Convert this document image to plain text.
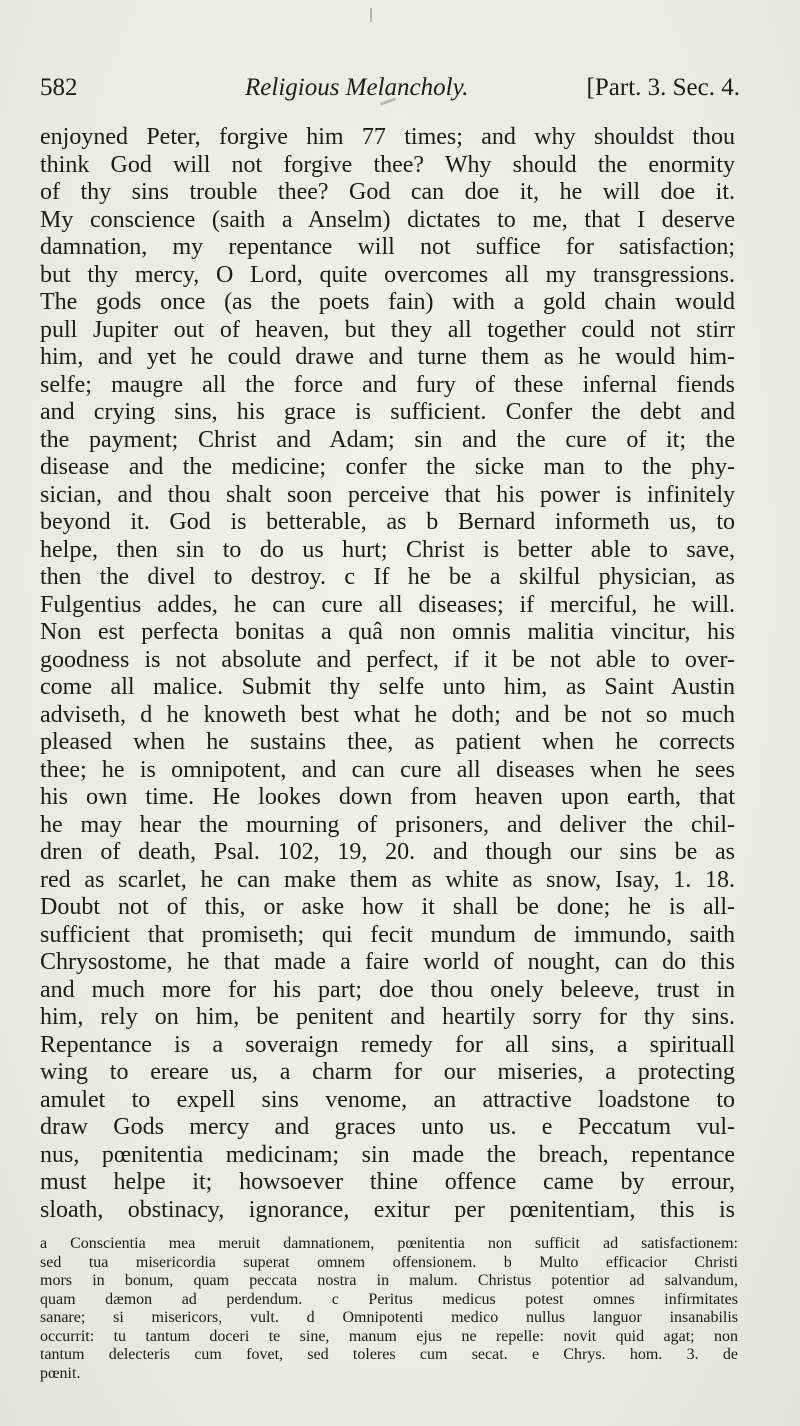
582	Religious Melancholy.	[Part. 3. Sec. 4.
enjoyned Peter, forgive him 77 times; and why shouldst thou
think God will not forgive thee? Why should the enormity
of thy sins trouble thee? God can doe it, he will doe it.
My conscience (saith a Anselm) dictates to me, that I deserve
damnation, my repentance will not suffice for satisfaction;
but thy mercy, O Lord, quite overcomes all my transgressions.
The gods once (as the poets fain) with a gold chain would
pull Jupiter out of heaven, but they all together could not stirr
him, and yet he could drawe and turne them as he would him-
selfe; maugre all the force and fury of these infernal fiends
and crying sins, his grace is sufficient. Confer the debt and
the payment; Christ and Adam; sin and the cure of it; the
disease and the medicine; confer the sicke man to the phy-
sician, and thou shalt soon perceive that his power is infinitely
beyond it. God is betterable, as b Bernard informeth us, to
helpe, then sin to do us hurt; Christ is better able to save,
then the divel to destroy. c If he be a skilful physician, as
Fulgentius addes, he can cure all diseases; if merciful, he will.
Non est perfecta bonitas a quâ non omnis malitia vincitur, his
goodness is not absolute and perfect, if it be not able to over-
come all malice. Submit thy selfe unto him, as Saint Austin
adviseth, d he knoweth best what he doth; and be not so much
pleased when he sustains thee, as patient when he corrects
thee; he is omnipotent, and can cure all diseases when he sees
his own time. He lookes down from heaven upon earth, that
he may hear the mourning of prisoners, and deliver the chil-
dren of death, Psal. 102, 19, 20. and though our sins be as
red as scarlet, he can make them as white as snow, Isay, 1. 18.
Doubt not of this, or aske how it shall be done; he is all-
sufficient that promiseth; qui fecit mundum de immundo, saith
Chrysostome, he that made a faire world of nought, can do this
and much more for his part; doe thou onely beleeve, trust in
him, rely on him, be penitent and heartily sorry for thy sins.
Repentance is a soveraign remedy for all sins, a spirituall
wing to ereare us, a charm for our miseries, a protecting
amulet to expell sins venome, an attractive loadstone to
draw Gods mercy and graces unto us. e Peccatum vul-
nus, pœnitentia medicinam; sin made the breach, repentance
must helpe it; howsoever thine offence came by errour,
sloath, obstinacy, ignorance, exitur per pœnitentiam, this is
a Conscientia mea meruit damnationem, pœnitentia non sufficit ad satisfactionem:
sed tua misericordia superat omnem offensionem. b Multo efficacior Christi
mors in bonum, quam peccata nostra in malum. Christus potentior ad salvandum,
quam dæmon ad perdendum. c Peritus medicus potest omnes infirmitates
sanare; si misericors, vult. d Omnipotenti medico nullus languor insanabilis
occurrit: tu tantum doceri te sine, manum ejus ne repelle: novit quid agat; non
tantum delecteris cum fovet, sed toleres cum secat. e Chrys. hom. 3. de
pœnit.
